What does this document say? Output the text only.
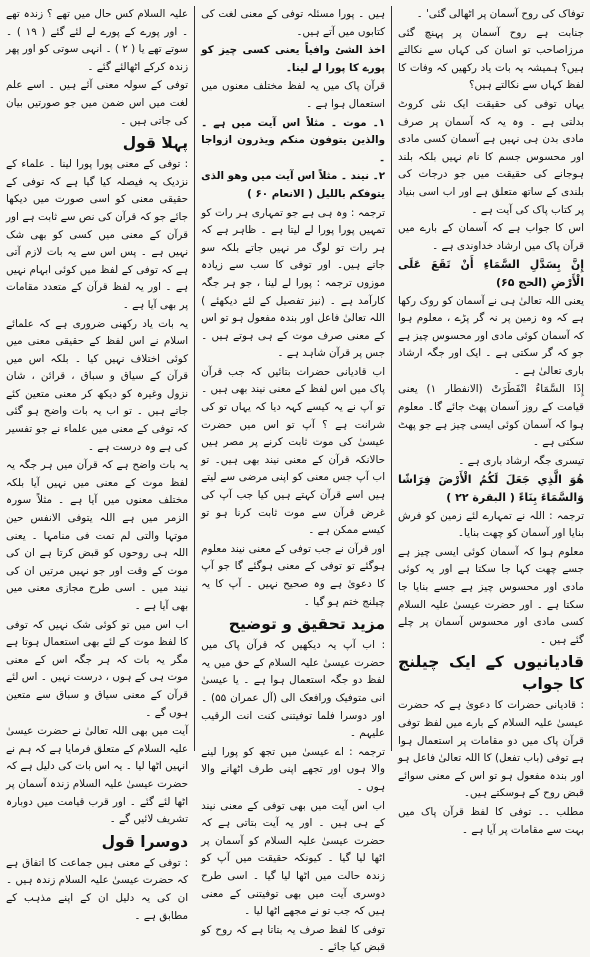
توفاک کی روح آسمان پر اٹھالی گئی' ۔

جنابت ہے روح آسمان پر پہنچ گئی مرزاصاحب تو اسان کی کہاں سے نکالتے ہیں؟ ہمیشہ یہ بات یاد رکھیں کہ وفات کا لفظ کہاں سے نکالتے ہیں؟

یہاں توفی کی حقیقت ایک نئی کروٹ بدلتی ہے ۔ وہ یہ کہ آسمان پر صرف مادی بدن ہی نہیں ہے آسمان کسی مادی اور محسوس جسم کا نام نہیں بلکہ بلند ہوجانے کی حقیقت میں جو درجات کی بلندی کے ساتھ متعلق ہے اور اب اسی بنیاد پر کتاب پاک کی آیت ہے ۔

اس کا جواب ہے کہ آسمان کے بارے میں قرآن پاک میں ارشاد خداوندی ہے ۔

إِنَّ بِسَدَّلِ السَّمَاءِ أَنْ تَقَعَ عَلَى الْأَرْضِ (الحج ۶۵)

یعنی اللہ تعالیٰ ہی نے آسمان کو روک رکھا ہے کہ وہ زمین پر نہ گر پڑے ، معلوم ہوا کہ آسمان کوئی مادی اور محسوس چیز ہے جو کہ گر سکتی ہے ۔ ایک اور جگہ ارشاد باری تعالیٰ ہے ۔

إِذَا السَّمَاءُ انْفَطَرَتْ (الانفطار ۱) یعنی قیامت کے روز آسمان پھٹ جائے گا۔ معلوم ہوا کہ آسمان کوئی ایسی چیز ہے جو پھٹ سکتی ہے ۔

تیسری جگہ ارشاد باری ہے ۔

هُوَ الَّذِي جَعَلَ لَكُمُ الْأَرْضَ فِرَاشًا وَالسَّمَاءَ بِنَاءً ( البقرة ۲۲ )

ترجمہ : اللہ نے تمہارے لئے زمین کو فرش بنایا اور آسمان کو چھت بنایا۔

معلوم ہوا کہ آسمان کوئی ایسی چیز ہے جسے چھت کہا جا سکتا ہے اور یہ کوئی مادی اور محسوس چیز ہے جسے بنایا جا سکتا ہے ۔ اور حضرت عیسیٰ علیہ السلام کسی مادی اور محسوس آسمان پر چلے گئے ہیں ۔

قادیانیوں کے ایک چیلنج کا جواب

: قادیانی حضرات کا دعویٰ ہے کہ حضرت عیسیٰ علیہ السلام کے بارے میں لفظ توفی قرآن پاک میں دو مقامات پر استعمال ہوا ہے توفی (باب تفعل) کا اللہ تعالیٰ فاعل ہو اور بندہ مفعول ہو تو اس کے معنی سوائے قبض روح کے ہوسکتے ہیں۔

مطلب ۔۔ توفی کا لفظ قرآن پاک میں بہت سے مقامات پر آیا ہے ۔

ہیں ۔ پورا مسئلہ توفی کے معنی لغت کی کتابوں میں آتے ہیں۔

اخذ الشئ وافیاً یعنی کسی چیز کو پورے کا پورا لے لینا۔

قرآن پاک میں یہ لفظ مختلف معنوں میں استعمال ہوا ہے ۔

۱۔ موت ۔ مثلاً اس آیت میں ہے ۔ والذین یتوفون منکم ویذرون ازواجا ۔

۲۔ نیند ۔ مثلاً اس آیت میں وھو الذی یتوفکم باللیل ( الانعام ۶۰ )

ترجمہ : وہ ہی ہے جو تمہاری ہر رات کو تمہیں پورا پورا لے لیتا ہے ۔ ظاہر ہے کہ ہر رات تو لوگ مر نہیں جاتے بلکہ سو جاتے ہیں۔ اور توفی کا سب سے زیادہ موزوں ترجمہ : پورا لے لینا ، جو ہر جگہ کارآمد ہے ۔ (نیز تفصیل کے لئے دیکھئے ) اللہ تعالیٰ فاعل اور بندہ مفعول ہو تو اس کے معنی صرف موت کے ہی ہوتے ہیں ۔ جس پر قرآن شاہد ہے ۔

اب قادیانی حضرات بتائیں کہ جب قرآن پاک میں اس لفظ کے معنی نیند بھی ہیں ۔ تو آپ نے یہ کیسے کہہ دیا کہ یہاں تو کی شرانت ہے ؟ آپ تو اس میں حضرت عیسیٰ کی موت ثابت کرنے پر مصر ہیں حالانکہ قرآن کے معنی نیند بھی ہیں۔ تو اب آپ جس معنی کو اپنی مرضی سے لیتے ہیں اسے قرآن کہتے ہیں کیا جب آپ کی غرض قرآن سے موت ثابت کرنا ہو تو کیسے ممکن ہے ۔

اور قرآن نے جب توفی کے معنی نیند معلوم ہوگئے تو توفی کے معنی ہوگئے گا جو آپ کا دعویٰ ہے وہ صحیح نہیں ۔ آپ کا یہ چیلنج ختم ہو گیا ۔

مزید تحقیق و توضیح

: اب آپ یہ دیکھیں کہ قرآن پاک میں حضرت عیسیٰ علیہ السلام کے حق میں یہ لفظ دو جگہ استعمال ہوا ہے ۔ یا عیسیٰ انی متوفیک ورافعک الی (آل عمران ۵۵) ۔ اور دوسرا فلما توفیتنی کنت انت الرقیب علیہم ۔

ترجمہ : اے عیسیٰ میں تجھ کو پورا لینے والا ہوں اور تجھے اپنی طرف اٹھانے والا ہوں ۔

اب اس آیت میں بھی توفی کے معنی نیند کے ہی ہیں ۔ اور یہ آیت بتاتی ہے کہ حضرت عیسیٰ علیہ السلام کو آسمان پر اٹھا لیا گیا ۔ کیونکہ حقیقت میں آپ کو زندہ حالت میں اٹھا لیا گیا ۔ اسی طرح دوسری آیت میں بھی توفیتنی کے معنی ہیں کہ جب تو نے مجھے اٹھا لیا ۔

توفی کا لفظ صرف یہ بتاتا ہے کہ روح کو قبض کیا جائے ۔

علیہ السلام کس حال میں تھے ؟ زندہ تھے ۔ اور پورے کے پورے لے لئے گئے ( ۱۹ ) ۔ سوتے تھے یا ( ۲ ) ۔ انہی سوتی کو اور پھر زندہ کرکے اٹھالئے گئے ۔

توفی کے سولہ معنی آئے ہیں ۔ اسے علم لغت میں اس ضمن میں جو صورتیں بیان کی جاتی ہیں ۔

پہلا قول

: توفی کے معنی پورا پورا لینا ۔ علماء کے نزدیک یہ فیصلہ کیا گیا ہے کہ توفی کے حقیقی معنی کو اسی صورت میں دیکھا جائے جو کہ قرآن کی نص سے ثابت ہے اور قرآن کے معنی میں کسی کو بھی شک نہیں ہے ۔ پس اس سے یہ بات لازم آتی ہے کہ توفی کے لفظ میں کوئی ابہام نہیں ہے ۔ اور یہ لفظ قرآن کے متعدد مقامات پر بھی آیا ہے ۔

یہ بات یاد رکھنی ضروری ہے کہ علمائے اسلام نے اس لفظ کے حقیقی معنی میں کوئی اختلاف نہیں کیا ۔ بلکہ اس میں قرآن کے سیاق و سباق ، قرائن ، شان نزول وغیرہ کو دیکھ کر معنی متعین کئے جاتے ہیں ۔ تو اب یہ بات واضح ہو گئی کہ توفی کے معنی میں علماء نے جو تفسیر کی ہے وہ درست ہے ۔

یہ بات واضح ہے کہ قرآن میں ہر جگہ یہ لفظ موت کے معنی میں نہیں آیا بلکہ مختلف معنوں میں آیا ہے ۔ مثلاً سورہ الزمر میں ہے اللہ یتوفی الانفس حین موتہا والتی لم تمت فی منامہا ۔ یعنی اللہ ہی روحوں کو قبض کرتا ہے ان کی موت کے وقت اور جو نہیں مرتیں ان کی نیند میں ۔ اسی طرح مجازی معنی میں بھی آیا ہے ۔

اب اس میں تو کوئی شک نہیں کہ توفی کا لفظ موت کے لئے بھی استعمال ہوتا ہے مگر یہ بات کہ ہر جگہ اس کے معنی موت ہی کے ہوں ، درست نہیں ۔ اس لئے قرآن کے معنی سیاق و سباق سے متعین ہوں گے ۔

آیت میں بھی اللہ تعالیٰ نے حضرت عیسیٰ علیہ السلام کے متعلق فرمایا ہے کہ ہم نے انہیں اٹھا لیا ۔ یہ اس بات کی دلیل ہے کہ حضرت عیسیٰ علیہ السلام زندہ آسمان پر اٹھا لئے گئے ۔ اور قرب قیامت میں دوبارہ تشریف لائیں گے ۔

دوسرا قول

: توفی کے معنی ہیں جماعت کا اتفاق ہے کہ حضرت عیسیٰ علیہ السلام زندہ ہیں ۔ ان کی یہ دلیل ان کے اپنے مذہب کے مطابق ہے ۔
